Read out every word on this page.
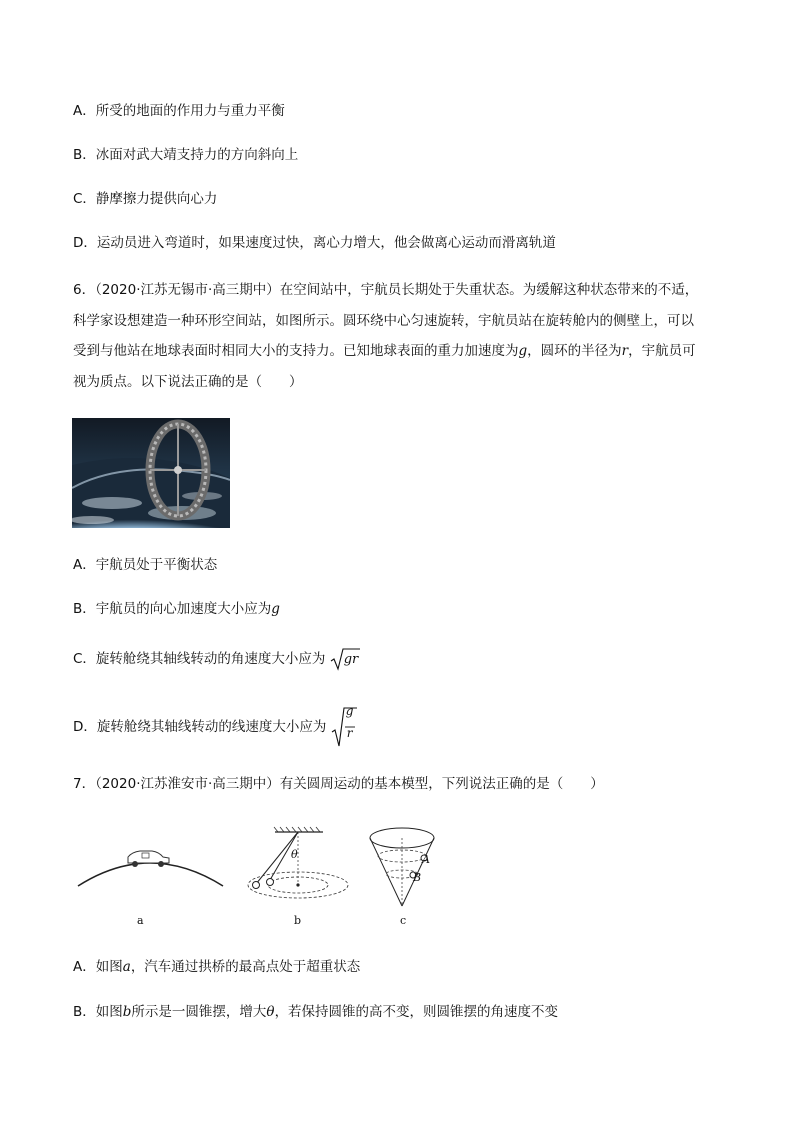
A．所受的地面的作用力与重力平衡
B．冰面对武大靖支持力的方向斜向上
C．静摩擦力提供向心力
D．运动员进入弯道时，如果速度过快，离心力增大，他会做离心运动而滑离轨道
6．（2020·江苏无锡市·高三期中）在空间站中，宇航员长期处于失重状态。为缓解这种状态带来的不适，
科学家设想建造一种环形空间站，如图所示。圆环绕中心匀速旋转，宇航员站在旋转舱内的侧壁上，可以
受到与他站在地球表面时相同大小的支持力。已知地球表面的重力加速度为g，圆环的半径为r，宇航员可
视为质点。以下说法正确的是（　　）
A．宇航员处于平衡状态
B．宇航员的向心加速度大小应为g
C．旋转舱绕其轴线转动的角速度大小应为 gr
D．旋转舱绕其轴线转动的线速度大小应为
g
r
7．（2020·江苏淮安市·高三期中）有关圆周运动的基本模型，下列说法正确的是（　　）
θ	A
B
a	b	c
A．如图a，汽车通过拱桥的最高点处于超重状态
B．如图b所示是一圆锥摆，增大θ，若保持圆锥的高不变，则圆锥摆的角速度不变
